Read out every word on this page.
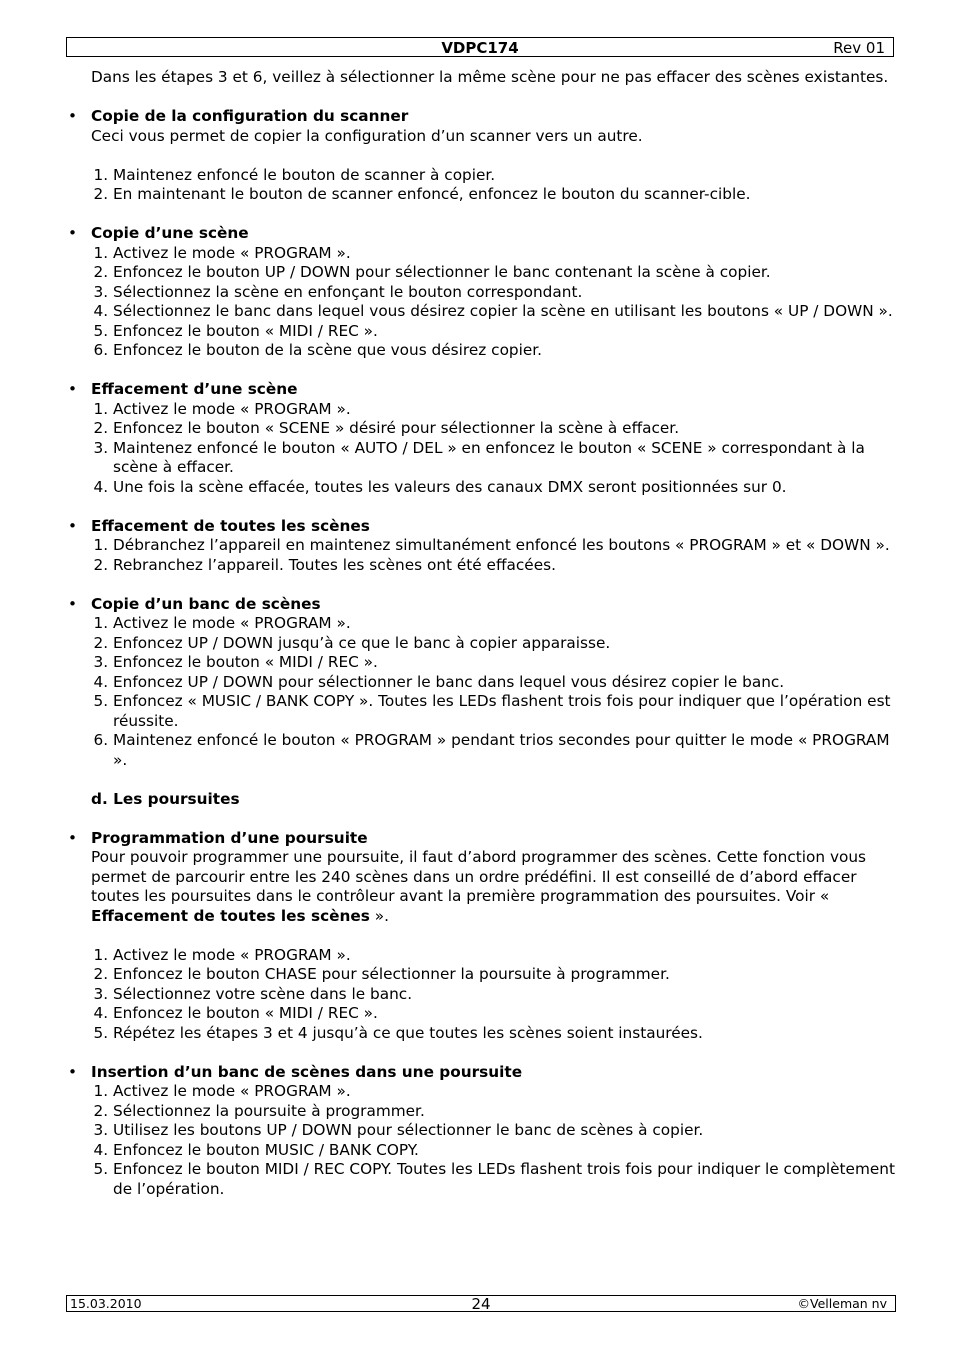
VDPC174	Rev 01

Dans les étapes 3 et 6, veillez à sélectionner la même scène pour ne pas effacer des scènes existantes.

• Copie de la configuration du scanner

Ceci vous permet de copier la configuration d’un scanner vers un autre.

1. Maintenez enfoncé le bouton de scanner à copier.
2. En maintenant le bouton de scanner enfoncé, enfoncez le bouton du scanner-cible.
• Copie d’une scène

1. Activez le mode « PROGRAM ».
2. Enfoncez le bouton UP / DOWN pour sélectionner le banc contenant la scène à copier.
3. Sélectionnez la scène en enfonçant le bouton correspondant.
4. Sélectionnez le banc dans lequel vous désirez copier la scène en utilisant les boutons « UP / DOWN ».
5. Enfoncez le bouton « MIDI / REC ».
6. Enfoncez le bouton de la scène que vous désirez copier.
• Effacement d’une scène

1. Activez le mode « PROGRAM ».
2. Enfoncez le bouton « SCENE » désiré pour sélectionner la scène à effacer.
3. Maintenez enfoncé le bouton « AUTO / DEL » en enfoncez le bouton « SCENE » correspondant à la scène à effacer.
4. Une fois la scène effacée, toutes les valeurs des canaux DMX seront positionnées sur 0.
• Effacement de toutes les scènes

1. Débranchez l’appareil en maintenez simultanément enfoncé les boutons « PROGRAM » et « DOWN ».
2. Rebranchez l’appareil. Toutes les scènes ont été effacées.
• Copie d’un banc de scènes

1. Activez le mode « PROGRAM ».
2. Enfoncez UP / DOWN jusqu’à ce que le banc à copier apparaisse.
3. Enfoncez le bouton « MIDI / REC ».
4. Enfoncez UP / DOWN pour sélectionner le banc dans lequel vous désirez copier le banc.
5. Enfoncez « MUSIC / BANK COPY ». Toutes les LEDs flashent trois fois pour indiquer que l’opération est réussite.
6. Maintenez enfoncé le bouton « PROGRAM » pendant trios secondes pour quitter le mode « PROGRAM ».

d. Les poursuites

• Programmation d’une poursuite

Pour pouvoir programmer une poursuite, il faut d’abord programmer des scènes. Cette fonction vous permet de parcourir entre les 240 scènes dans un ordre prédéfini. Il est conseillé de d’abord effacer toutes les poursuites dans le contrôleur avant la première programmation des poursuites. Voir « Effacement de toutes les scènes ».

1. Activez le mode « PROGRAM ».
2. Enfoncez le bouton CHASE pour sélectionner la poursuite à programmer.
3. Sélectionnez votre scène dans le banc.
4. Enfoncez le bouton « MIDI / REC ».
5. Répétez les étapes 3 et 4 jusqu’à ce que toutes les scènes soient instaurées.
• Insertion d’un banc de scènes dans une poursuite

1. Activez le mode « PROGRAM ».
2. Sélectionnez la poursuite à programmer.
3. Utilisez les boutons UP / DOWN pour sélectionner le banc de scènes à copier.
4. Enfoncez le bouton MUSIC / BANK COPY.
5. Enfoncez le bouton MIDI / REC COPY. Toutes les LEDs flashent trois fois pour indiquer le complètement de l’opération.
15.03.2010	24	©Velleman nv
